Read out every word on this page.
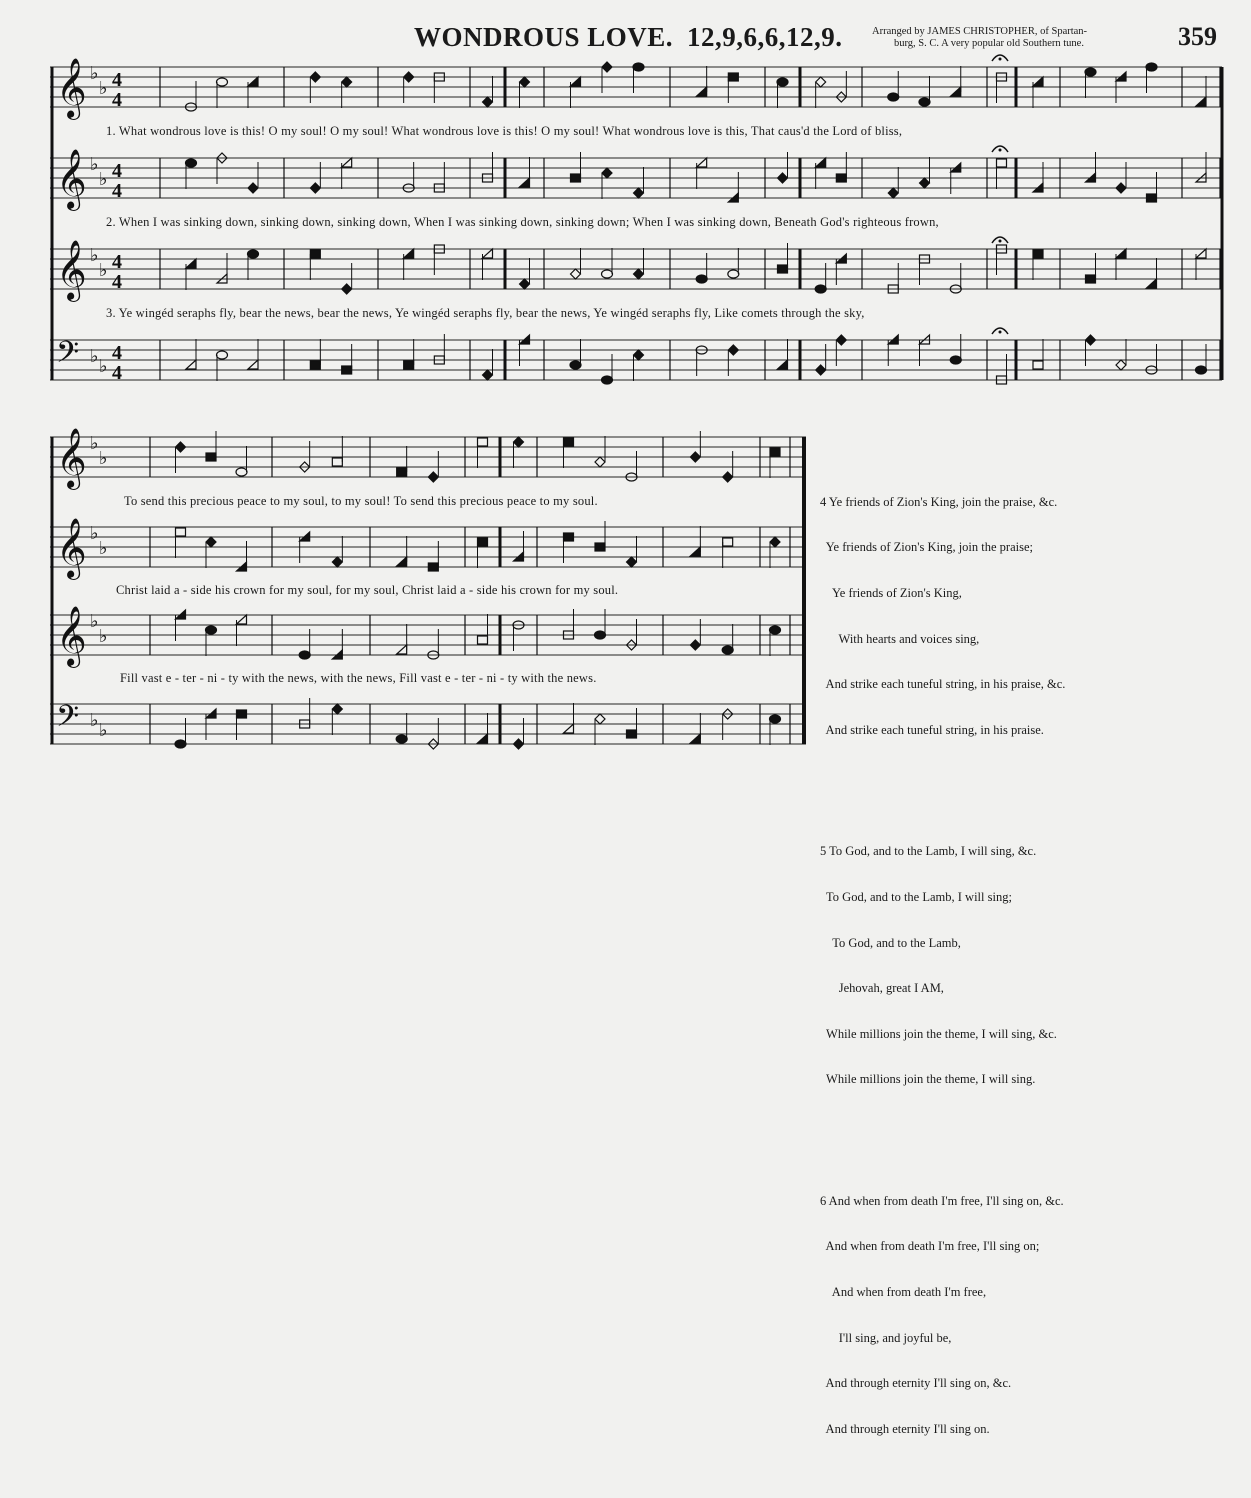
WONDROUS LOVE. 12,9,6,6,12,9.	Arranged by JAMES CHRISTOPHER, of Spartan-
burg, S. C. A very popular old Southern tune.	359
𝄞 ♭
♭
𝄞 ♭
♭
𝄞 ♭
♭
𝄢 ♭ ♭
𝄞 ♭
♭
𝄞 ♭
♭
𝄞 ♭
♭
𝄢 ♭ ♭
4
4
4
4
4
4
4
4
1. What wondrous love is this! O my soul! O my soul! What wondrous love is this! O my soul! What wondrous love is this, That caus'd the Lord of bliss,
2. When I was sinking down, sinking down, sinking down, When I was sinking down, sinking down; When I was sinking down, Beneath God's righteous frown,
3. Ye wingéd seraphs fly, bear the news, bear the news, Ye wingéd seraphs fly, bear the news, Ye wingéd seraphs fly, Like comets through the sky,
To send this precious peace to my soul, to my soul! To send this precious peace to my soul.
Christ laid a - side his crown for my soul, for my soul, Christ laid a - side his crown for my soul.
Fill vast e - ter - ni - ty with the news, with the news, Fill vast e - ter - ni - ty with the news.

4 Ye friends of Zion's King, join the praise, &c.

Ye friends of Zion's King, join the praise;

Ye friends of Zion's King,

With hearts and voices sing,

And strike each tuneful string, in his praise, &c.

And strike each tuneful string, in his praise.

5 To God, and to the Lamb, I will sing, &c.

To God, and to the Lamb, I will sing;

To God, and to the Lamb,

Jehovah, great I AM,

While millions join the theme, I will sing, &c.

While millions join the theme, I will sing.

6 And when from death I'm free, I'll sing on, &c.

And when from death I'm free, I'll sing on;

And when from death I'm free,

I'll sing, and joyful be,

And through eternity I'll sing on, &c.

And through eternity I'll sing on.
